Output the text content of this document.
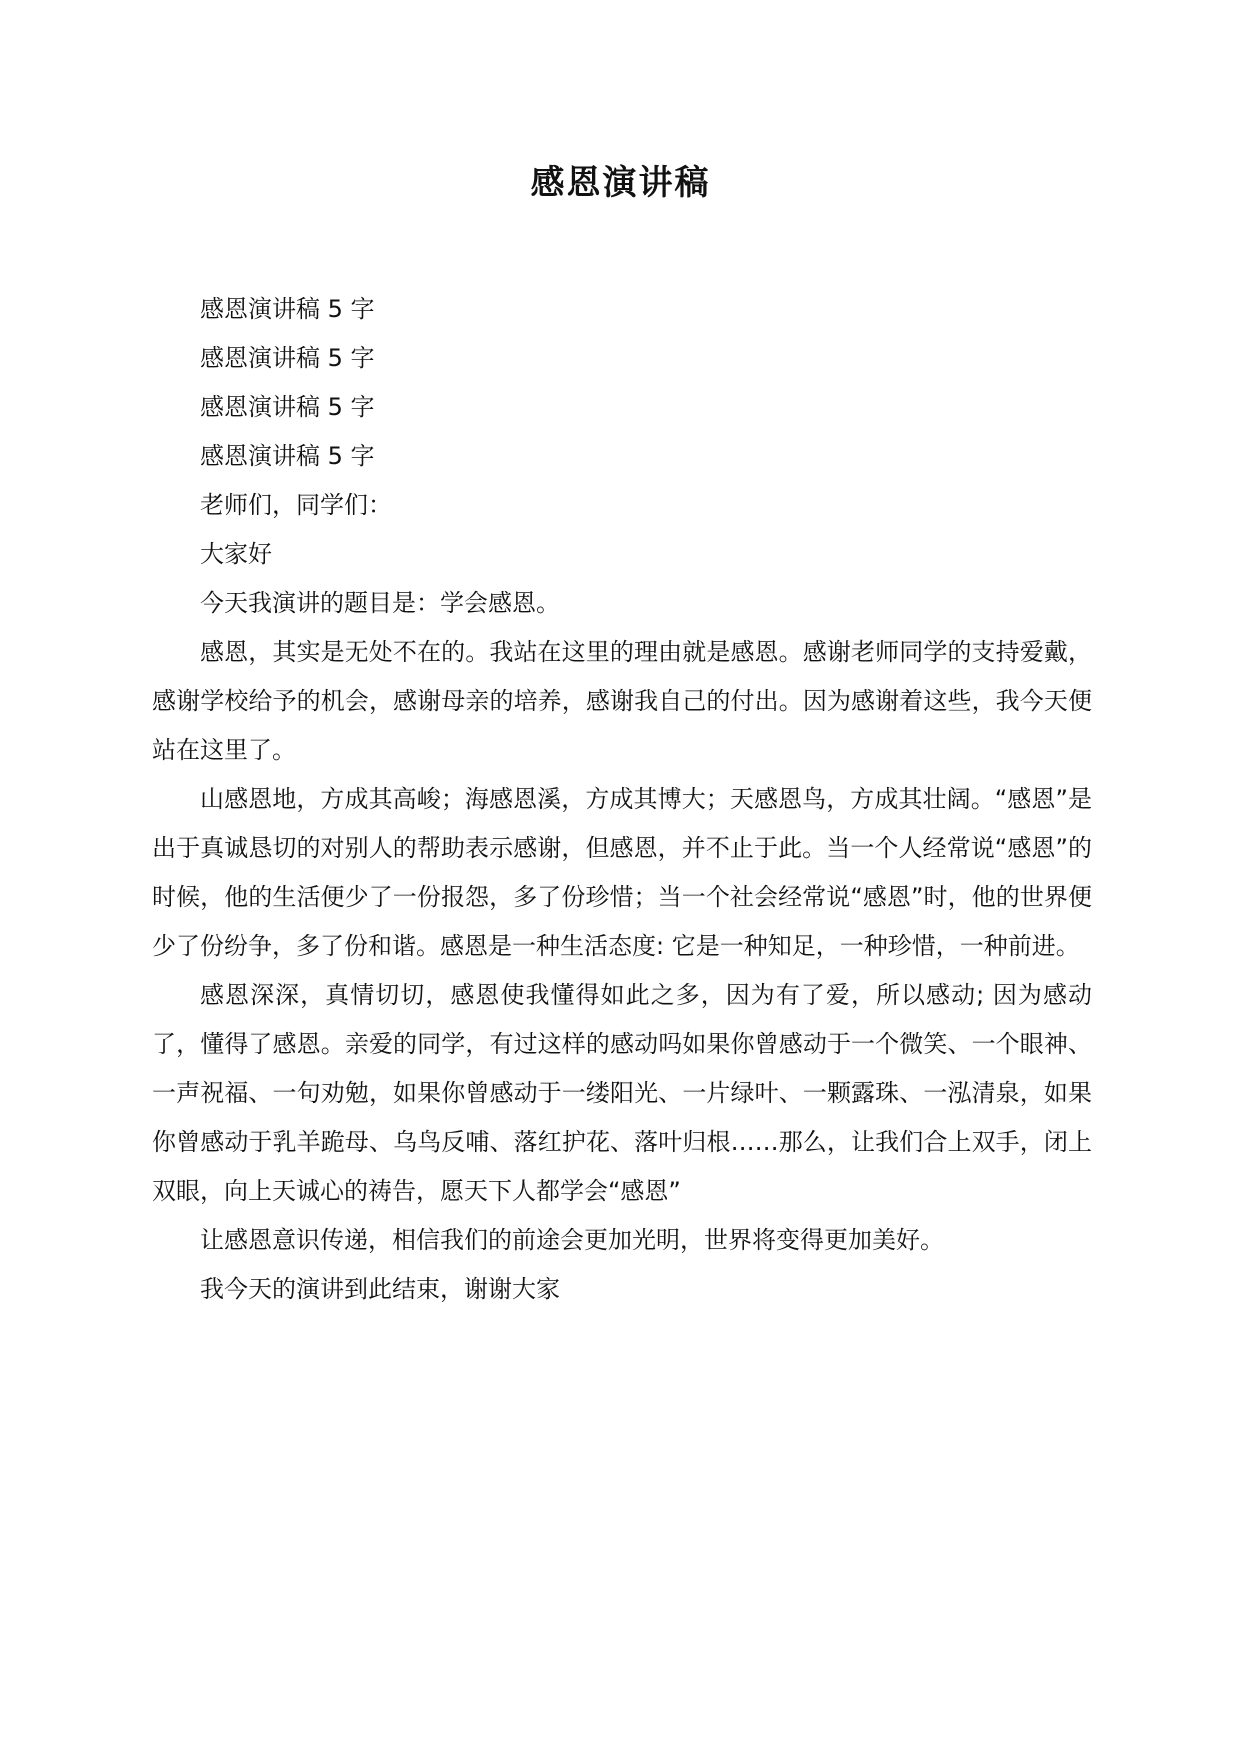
感恩演讲稿

感恩演讲稿 5 字

感恩演讲稿 5 字

感恩演讲稿 5 字

感恩演讲稿 5 字

老师们，同学们：

大家好

今天我演讲的题目是：学会感恩。

感恩，其实是无处不在的。我站在这里的理由就是感恩。感谢老师同学的支持爱戴，感谢学校给予的机会，感谢母亲的培养，感谢我自己的付出。因为感谢着这些，我今天便站在这里了。

山感恩地，方成其高峻；海感恩溪，方成其博大；天感恩鸟，方成其壮阔。“感恩”是出于真诚恳切的对别人的帮助表示感谢，但感恩，并不止于此。当一个人经常说“感恩”的时候，他的生活便少了一份报怨，多了份珍惜；当一个社会经常说“感恩”时，他的世界便少了份纷争，多了份和谐。感恩是一种生活态度: 它是一种知足，一种珍惜，一种前进。

感恩深深，真情切切，感恩使我懂得如此之多，因为有了爱，所以感动; 因为感动了，懂得了感恩。亲爱的同学，有过这样的感动吗如果你曾感动于一个微笑、一个眼神、一声祝福、一句劝勉，如果你曾感动于一缕阳光、一片绿叶、一颗露珠、一泓清泉，如果你曾感动于乳羊跪母、乌鸟反哺、落红护花、落叶归根……那么，让我们合上双手，闭上双眼，向上天诚心的祷告，愿天下人都学会“感恩”

让感恩意识传递，相信我们的前途会更加光明，世界将变得更加美好。

我今天的演讲到此结束，谢谢大家
